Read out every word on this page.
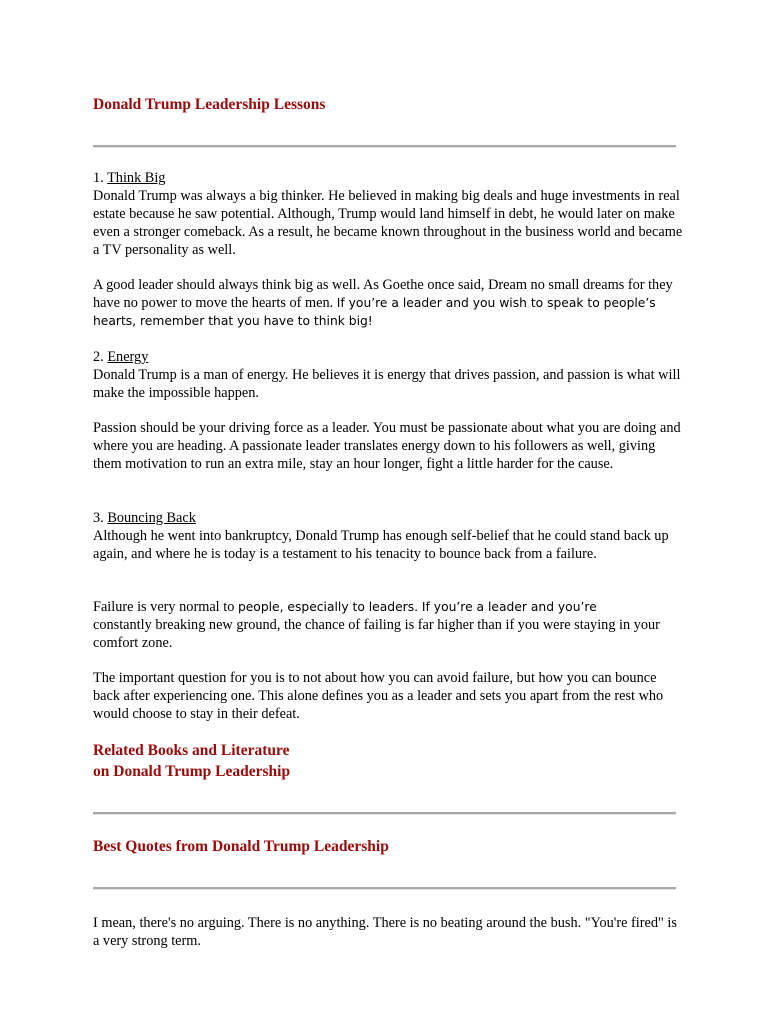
Donald Trump Leadership Lessons

1. Think Big
Donald Trump was always a big thinker. He believed in making big deals and huge investments in real estate because he saw potential. Although, Trump would land himself in debt, he would later on make even a stronger comeback. As a result, he became known throughout in the business world and became a TV personality as well.

A good leader should always think big as well. As Goethe once said, Dream no small dreams for they have no power to move the hearts of men. If you’re a leader and you wish to speak to people’s hearts, remember that you have to think big!

2. Energy
Donald Trump is a man of energy. He believes it is energy that drives passion, and passion is what will make the impossible happen.

Passion should be your driving force as a leader. You must be passionate about what you are doing and where you are heading. A passionate leader translates energy down to his followers as well, giving them motivation to run an extra mile, stay an hour longer, fight a little harder for the cause.

3. Bouncing Back
Although he went into bankruptcy, Donald Trump has enough self-belief that he could stand back up again, and where he is today is a testament to his tenacity to bounce back from a failure.

Failure is very normal to people, especially to leaders. If you’re a leader and you’re
constantly breaking new ground, the chance of failing is far higher than if you were staying in your comfort zone.

The important question for you is to not about how you can avoid failure, but how you can bounce back after experiencing one. This alone defines you as a leader and sets you apart from the rest who would choose to stay in their defeat.

Related Books and Literature
on Donald Trump Leadership
Best Quotes from Donald Trump Leadership

I mean, there's no arguing. There is no anything. There is no beating around the bush. "You're fired" is a very strong term.
